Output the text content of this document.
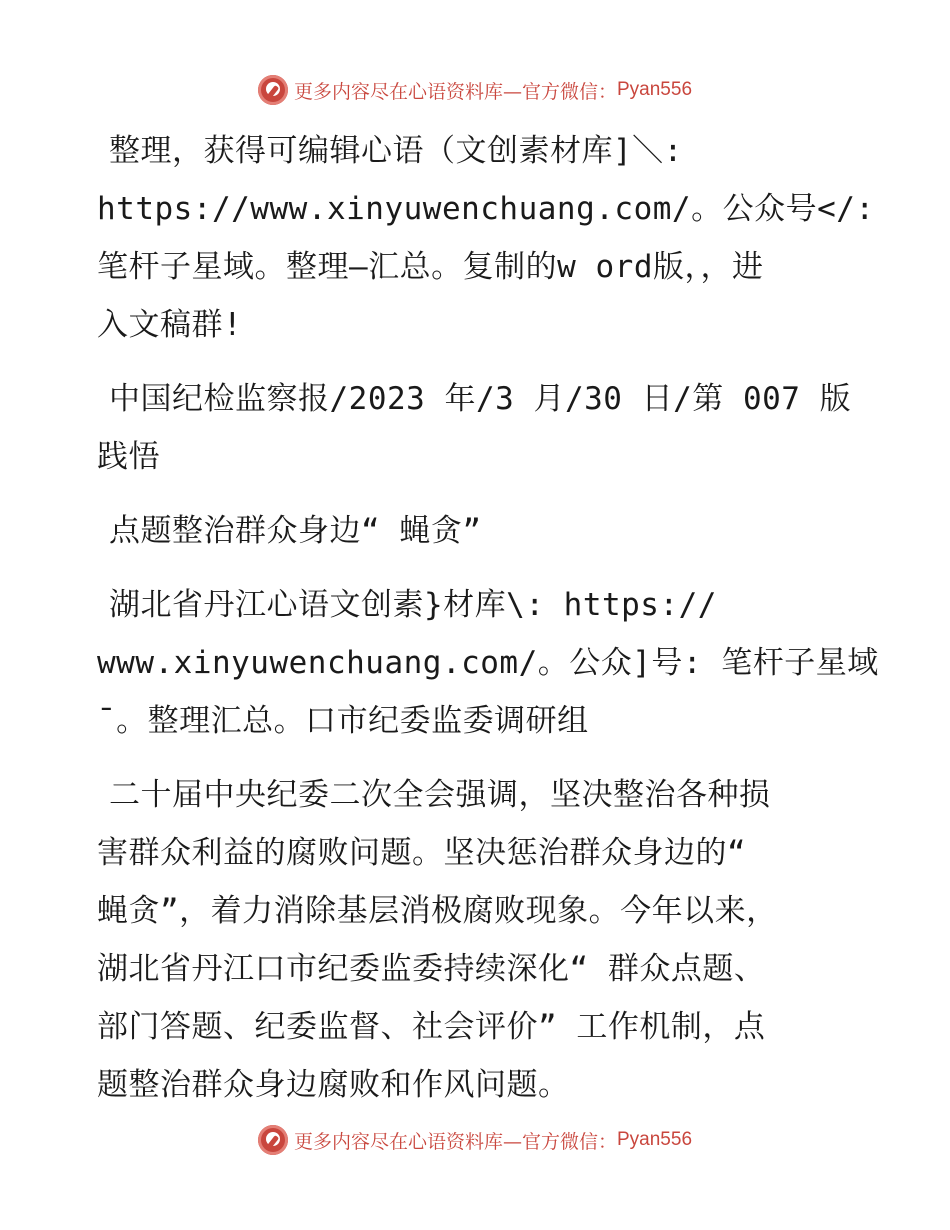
更多内容尽在心语资料库—官方微信： Pyan556

整理，获得可编辑心语（文创素材库]＼:
https://www.xinyuwenchuang.com/。公众号</:
笔杆子星域。整理—汇总。复制的w ord版，，进
入文稿群!

中国纪检监察报/2023 年/3 月/30 日/第 007 版
践悟

点题整治群众身边“ 蝇贪”

湖北省丹江心语文创素}材库\: https://
www.xinyuwenchuang.com/。公众]号: 笔杆子星域
ˉ。整理汇总。口市纪委监委调研组

二十届中央纪委二次全会强调，坚决整治各种损
害群众利益的腐败问题。坚决惩治群众身边的“
蝇贪”，着力消除基层消极腐败现象。今年以来，
湖北省丹江口市纪委监委持续深化“ 群众点题、
部门答题、纪委监督、社会评价” 工作机制，点
题整治群众身边腐败和作风问题。

更多内容尽在心语资料库—官方微信： Pyan556
